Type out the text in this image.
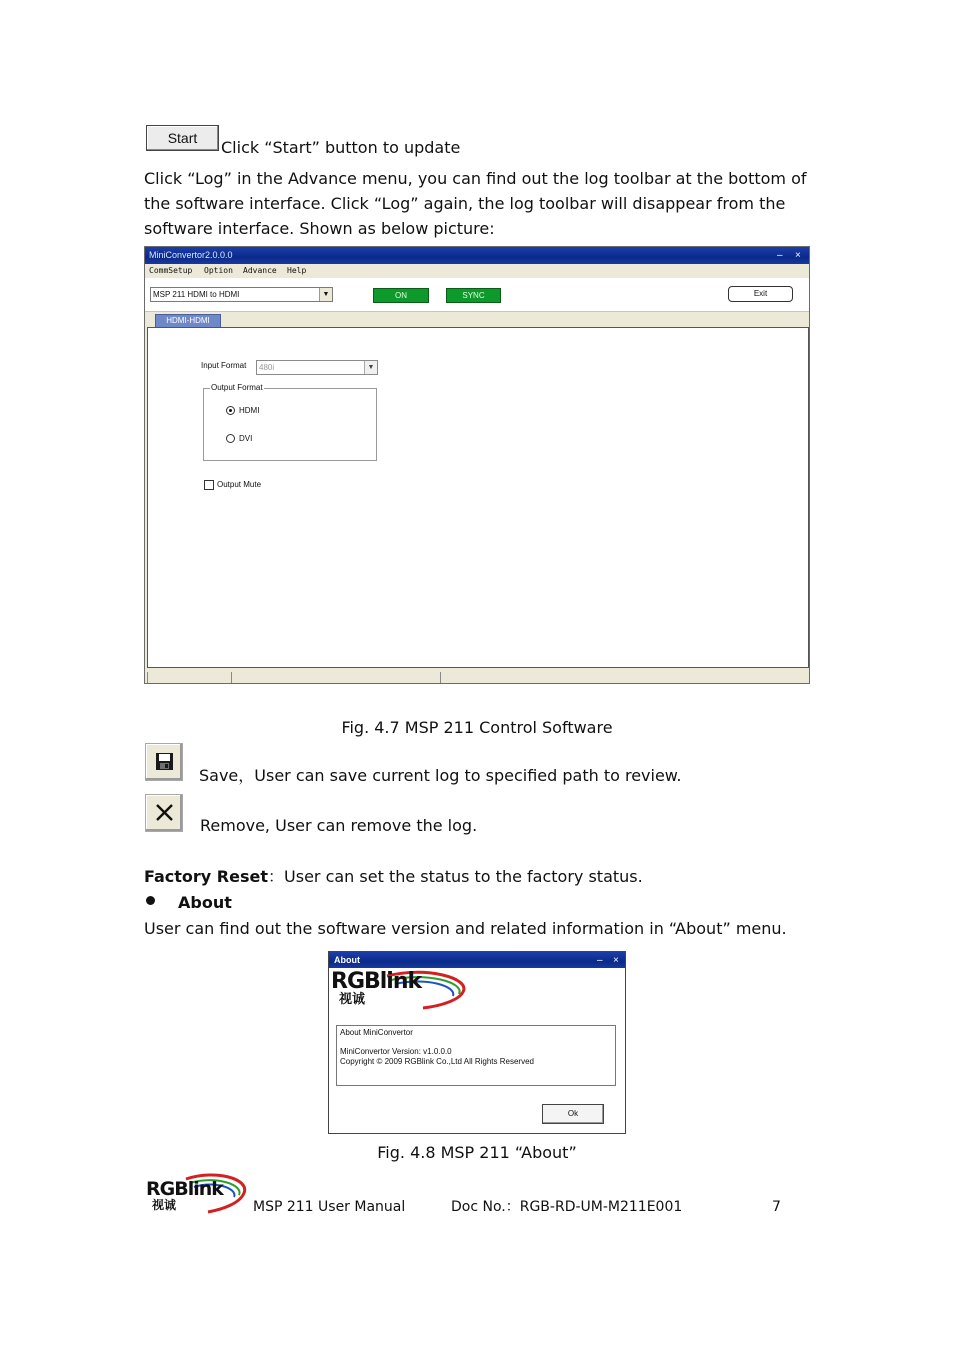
Start	Click “Start” button to update
Click “Log” in the Advance menu, you can find out the log toolbar at the bottom of the software interface. Click “Log” again, the log toolbar will disappear from the software interface. Shown as below picture:
MiniConvertor2.0.0.0	– ×
CommSetup Option Advance Help
MSP 211 HDMI to HDMI	▼	ON	SYNC	Exit
HDMI-HDMI
Input Format	480i	▼
Output Format
HDMI
DVI
Output Mute
Fig. 4.7 MSP 211 Control Software
Save，User can save current log to specified path to review.
Remove, User can remove the log.
Factory Reset：User can set the status to the factory status.
About
User can find out the software version and related information in “About” menu.
About	– ×
RGBlink
视诚
About MiniConvertor
MiniConvertor Version: v1.0.0.0
Copyright © 2009 RGBlink Co.,Ltd All Rights Reserved
Ok
Fig. 4.8 MSP 211 “About”
RGBlink
视诚	MSP 211 User Manual	Doc No.：RGB-RD-UM-M211E001	7
